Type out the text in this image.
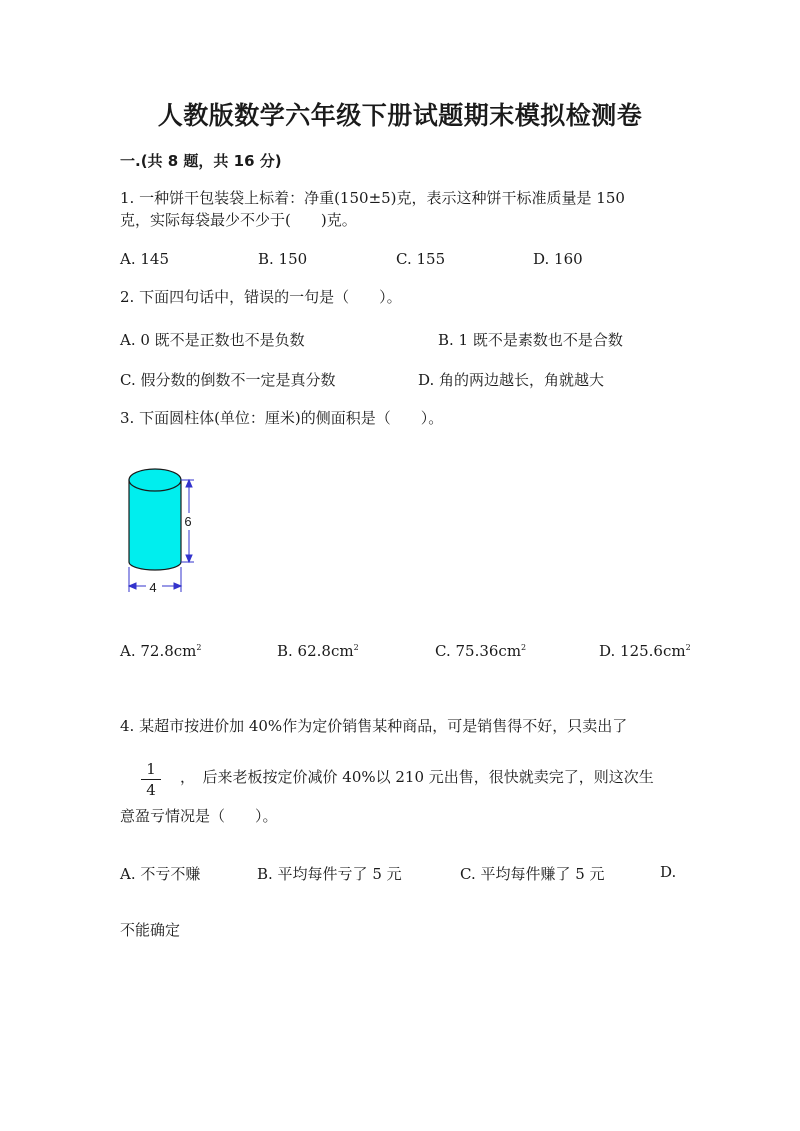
人教版数学六年级下册试题期末模拟检测卷
一.(共 8 题，共 16 分)
1. 一种饼干包装袋上标着：净重(150±5)克，表示这种饼干标准质量是 150
克，实际每袋最少不少于(　　)克。
A. 145	B. 150	C. 155	D. 160
2. 下面四句话中，错误的一句是（　　）。
A. 0 既不是正数也不是负数	B. 1 既不是素数也不是合数
C. 假分数的倒数不一定是真分数	D. 角的两边越长，角就越大
3. 下面圆柱体(单位：厘米)的侧面积是（　　）。
6
4
A. $72.8cm^2$	B. $62.8cm^2$	C. $75.36cm^2$	D. $125.6cm^2$
4. 某超市按进价加 40%作为定价销售某种商品，可是销售得不好，只卖出了
1
4
，　后来老板按定价减价 40%以 210 元出售，很快就卖完了，则这次生
意盈亏情况是（　　）。
A. 不亏不赚	B. 平均每件亏了 5 元	C. 平均每件赚了 5 元	D.
不能确定
